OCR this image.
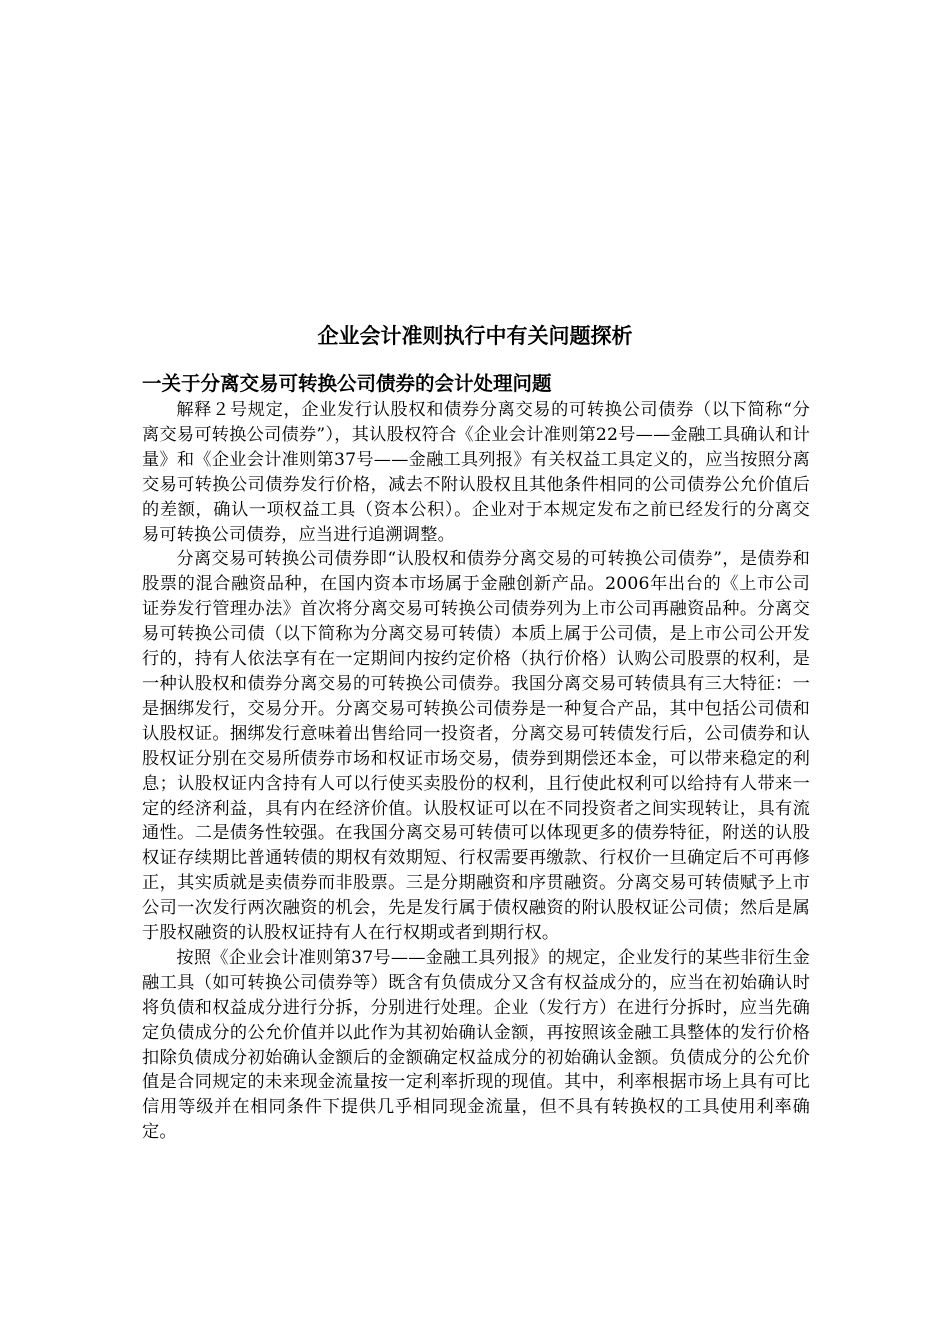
企业会计准则执行中有关问题探析
一关于分离交易可转换公司债券的会计处理问题

解释２号规定，企业发行认股权和债券分离交易的可转换公司债券（以下简称“分离交易可转换公司债券”），其认股权符合《企业会计准则第22号——金融工具确认和计量》和《企业会计准则第37号——金融工具列报》有关权益工具定义的，应当按照分离交易可转换公司债券发行价格，减去不附认股权且其他条件相同的公司债券公允价值后的差额，确认一项权益工具（资本公积）。企业对于本规定发布之前已经发行的分离交易可转换公司债券，应当进行追溯调整。

分离交易可转换公司债券即“认股权和债券分离交易的可转换公司债券”，是债券和股票的混合融资品种，在国内资本市场属于金融创新产品。2006年出台的《上市公司证券发行管理办法》首次将分离交易可转换公司债券列为上市公司再融资品种。分离交易可转换公司债（以下简称为分离交易可转债）本质上属于公司债，是上市公司公开发行的，持有人依法享有在一定期间内按约定价格（执行价格）认购公司股票的权利，是一种认股权和债券分离交易的可转换公司债券。我国分离交易可转债具有三大特征：一是捆绑发行，交易分开。分离交易可转换公司债券是一种复合产品，其中包括公司债和认股权证。捆绑发行意味着出售给同一投资者，分离交易可转债发行后，公司债券和认股权证分别在交易所债券市场和权证市场交易，债券到期偿还本金，可以带来稳定的利息；认股权证内含持有人可以行使买卖股份的权利，且行使此权利可以给持有人带来一定的经济利益，具有内在经济价值。认股权证可以在不同投资者之间实现转让，具有流通性。二是债务性较强。在我国分离交易可转债可以体现更多的债券特征，附送的认股权证存续期比普通转债的期权有效期短、行权需要再缴款、行权价一旦确定后不可再修正，其实质就是卖债券而非股票。三是分期融资和序贯融资。分离交易可转债赋予上市公司一次发行两次融资的机会，先是发行属于债权融资的附认股权证公司债；然后是属于股权融资的认股权证持有人在行权期或者到期行权。

按照《企业会计准则第37号——金融工具列报》的规定，企业发行的某些非衍生金融工具（如可转换公司债券等）既含有负债成分又含有权益成分的，应当在初始确认时将负债和权益成分进行分拆，分别进行处理。企业（发行方）在进行分拆时，应当先确定负债成分的公允价值并以此作为其初始确认金额，再按照该金融工具整体的发行价格扣除负债成分初始确认金额后的金额确定权益成分的初始确认金额。负债成分的公允价值是合同规定的未来现金流量按一定利率折现的现值。其中，利率根据市场上具有可比信用等级并在相同条件下提供几乎相同现金流量，但不具有转换权的工具使用利率确定。
